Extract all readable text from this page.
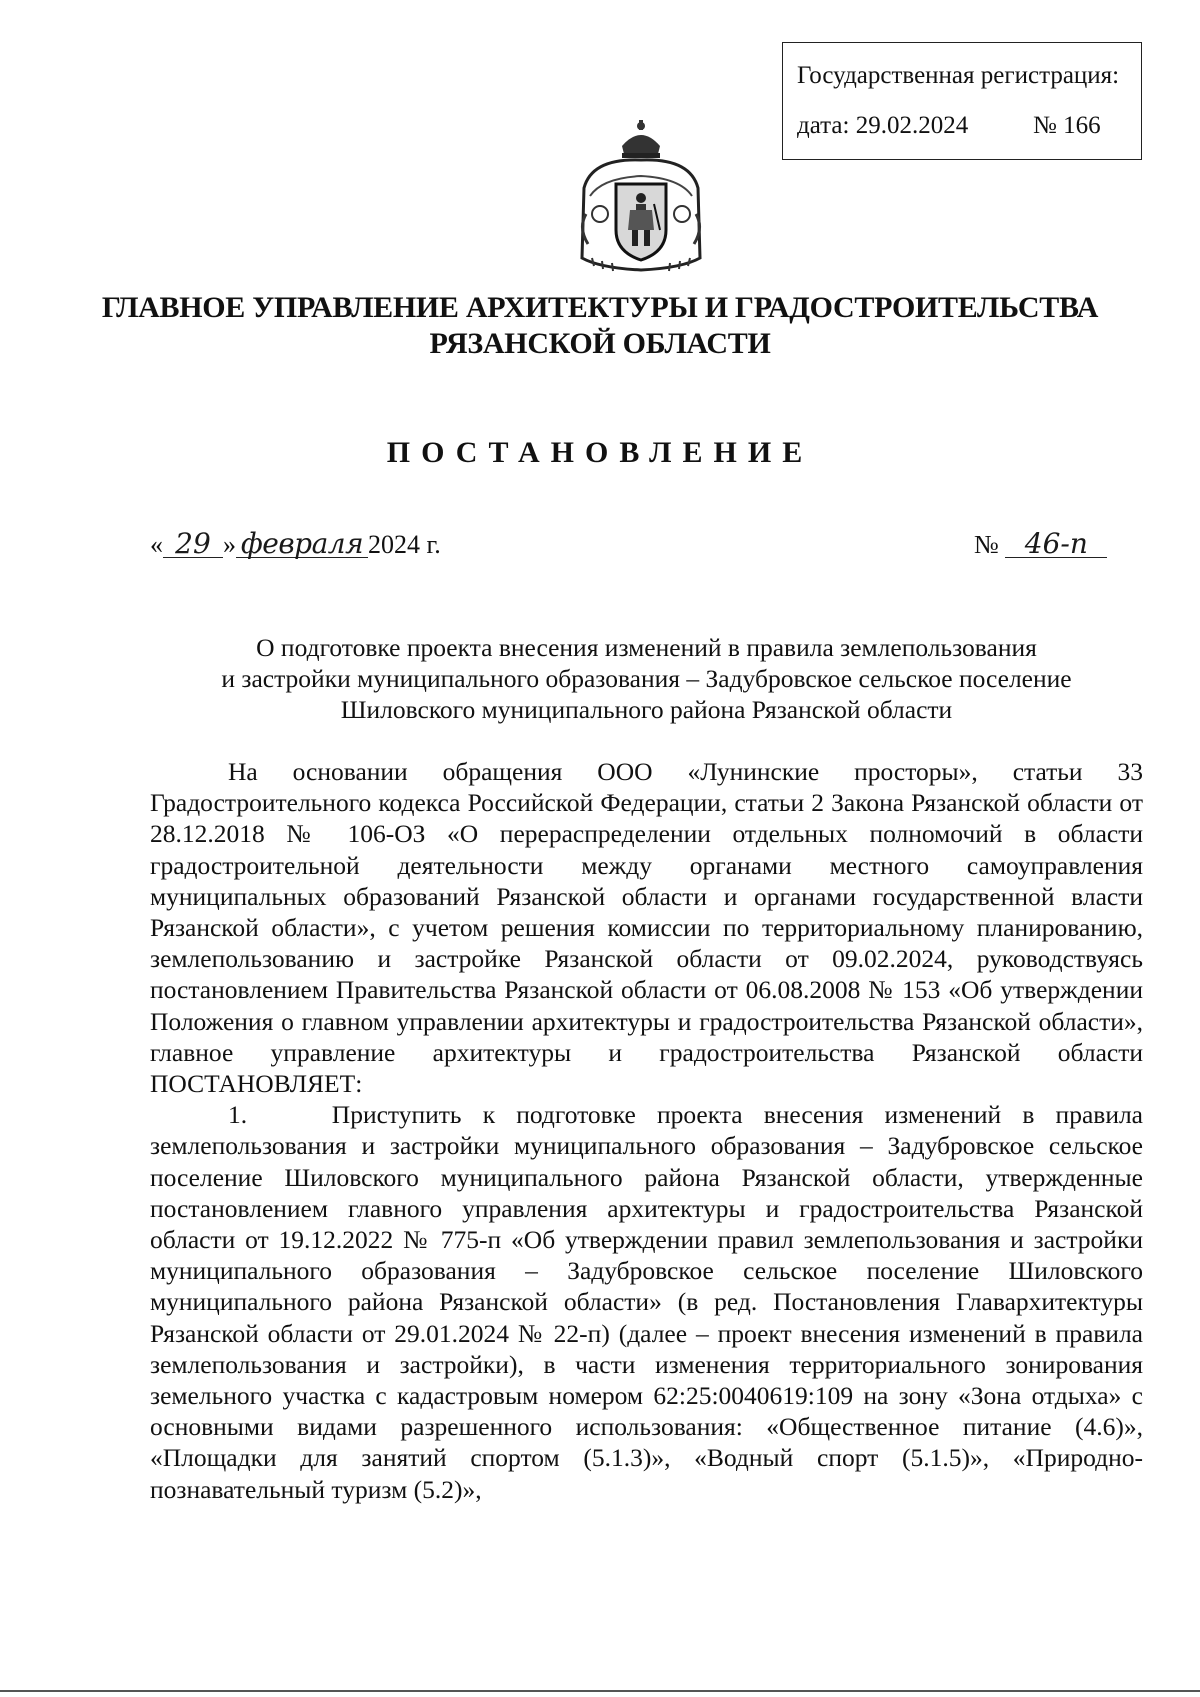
Государственная регистрация:
дата: 29.02.2024	№ 166
ГЛАВНОЕ УПРАВЛЕНИЕ АРХИТЕКТУРЫ И ГРАДОСТРОИТЕЛЬСТВА
РЯЗАНСКОЙ ОБЛАСТИ
ПОСТАНОВЛЕНИЕ
« 29 » февраля 2024 г.	№ 46-п
О подготовке проекта внесения изменений в правила землепользования
и застройки муниципального образования – Задубровское сельское поселение
Шиловского муниципального района Рязанской области
На основании обращения ООО «Лунинские просторы», статьи 33 Градостроительного кодекса Российской Федерации, статьи 2 Закона Рязанской области от 28.12.2018 № 106-ОЗ «О перераспределении отдельных полномочий в области градостроительной деятельности между органами местного самоуправления муниципальных образований Рязанской области и органами государственной власти Рязанской области», с учетом решения комиссии по территориальному планированию, землепользованию и застройке Рязанской области от 09.02.2024, руководствуясь постановлением Правительства Рязанской области от 06.08.2008 № 153 «Об утверждении Положения о главном управлении архитектуры и градостроительства Рязанской области», главное управление архитектуры и градостроительства Рязанской области ПОСТАНОВЛЯЕТ:
1.	Приступить к подготовке проекта внесения изменений в правила землепользования и застройки муниципального образования – Задубровское сельское поселение Шиловского муниципального района Рязанской области, утвержденные постановлением главного управления архитектуры и градостроительства Рязанской области от 19.12.2022 № 775-п «Об утверждении правил землепользования и застройки муниципального образования – Задубровское сельское поселение Шиловского муниципального района Рязанской области» (в ред. Постановления Главархитектуры Рязанской области от 29.01.2024 № 22-п) (далее – проект внесения изменений в правила землепользования и застройки), в части изменения территориального зонирования земельного участка с кадастровым номером 62:25:0040619:109 на зону «Зона отдыха» с основными видами разрешенного использования: «Общественное питание (4.6)», «Площадки для занятий спортом (5.1.3)», «Водный спорт (5.1.5)», «Природно-познавательный туризм (5.2)»,
